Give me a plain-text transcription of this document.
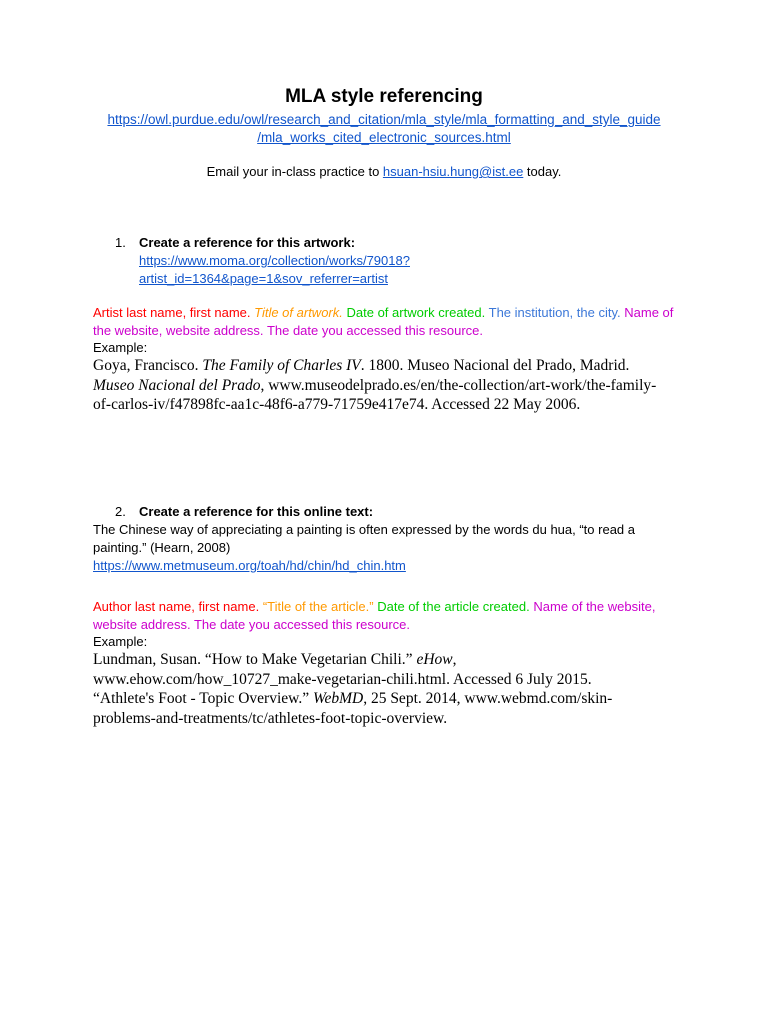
MLA style referencing
https://owl.purdue.edu/owl/research_and_citation/mla_style/mla_formatting_and_style_guide
/mla_works_cited_electronic_sources.html
Email your in-class practice to hsuan-hsiu.hung@ist.ee today.
1. Create a reference for this artwork:
https://www.moma.org/collection/works/79018?
artist_id=1364&page=1&sov_referrer=artist
Artist last name, first name. Title of artwork. Date of artwork created. The institution, the city. Name of the website, website address. The date you accessed this resource.
Example:
Goya, Francisco. The Family of Charles IV. 1800. Museo Nacional del Prado, Madrid. Museo Nacional del Prado, www.museodelprado.es/en/the-collection/art-work/the-family-of-carlos-iv/f47898fc-aa1c-48f6-a779-71759e417e74. Accessed 22 May 2006.
2. Create a reference for this online text:
The Chinese way of appreciating a painting is often expressed by the words du hua, “to read a painting.” (Hearn, 2008)
https://www.metmuseum.org/toah/hd/chin/hd_chin.htm
Author last name, first name. “Title of the article.” Date of the article created. Name of the website, website address. The date you accessed this resource.
Example:
Lundman, Susan. “How to Make Vegetarian Chili.” eHow, www.ehow.com/how_10727_make-vegetarian-chili.html. Accessed 6 July 2015.
“Athlete's Foot - Topic Overview.” WebMD, 25 Sept. 2014, www.webmd.com/skin-problems-and-treatments/tc/athletes-foot-topic-overview.
